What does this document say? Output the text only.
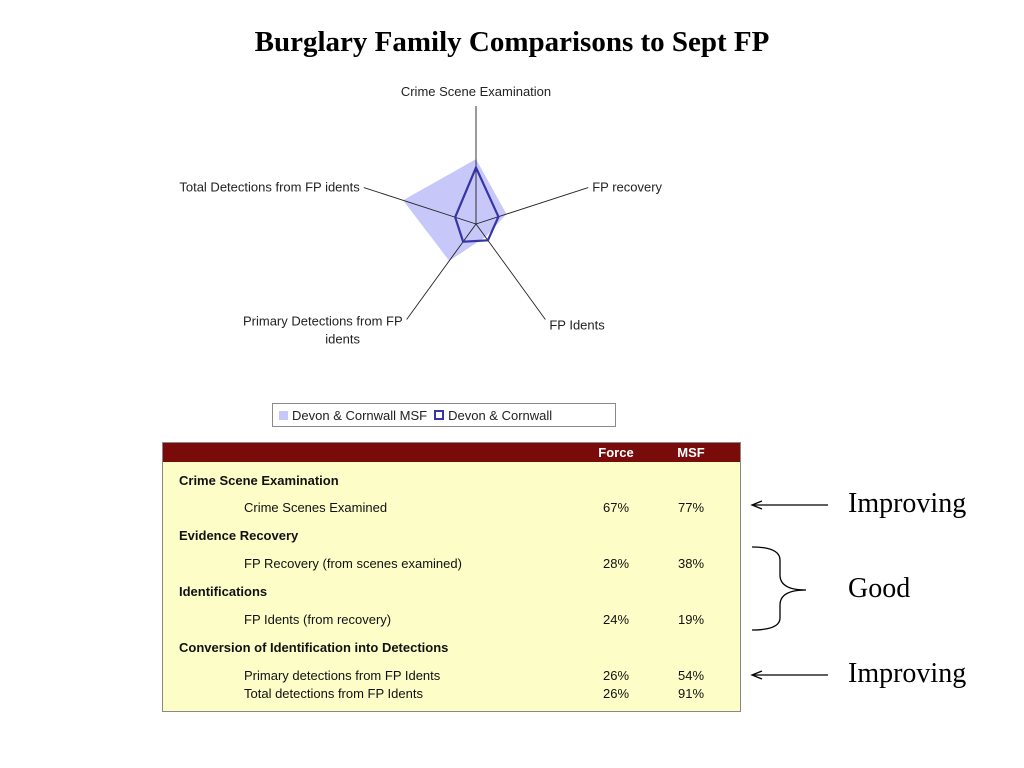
Burglary Family Comparisons to Sept FP
Crime Scene Examination
FP recovery
FP Idents
Primary Detections from FP idents
Total Detections from FP idents
Devon & Cornwall MSF Devon & Cornwall
Force	MSF
Crime Scene Examination
Crime Scenes Examined	67%	77%
Evidence Recovery
FP Recovery (from scenes examined)	28%	38%
Identifications
FP Idents (from recovery)	24%	19%
Conversion of Identification into Detections
Primary detections from FP Idents	26%	54%
Total detections from FP Idents	26%	91%
Improving
Good
Improving
